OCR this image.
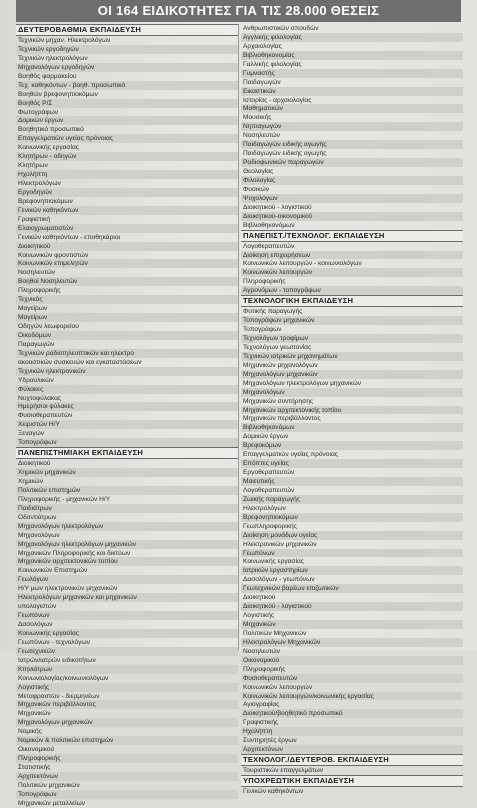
ΟΙ 164 ΕΙΔΙΚΟΤΗΤΕΣ ΓΙΑ ΤΙΣ 28.000 ΘΕΣΕΙΣ
ΔΕΥΤΕΡΟΒΑΘΜΙΑ ΕΚΠΑΙΔΕΥΣΗ
Τεχνικών μηχαν. Ηλεκτρολόγων
Τεχνικών εργοδηγών
Τεχνικών ηλεκτρολόγων
Μηχανολόγων εργοδηγών
Βοηθός φαρμακείου
Τεχ. καθηκόντων - βοηθ. προσωπικό
Βοηθών βρεφονηπιοκόμων
Βοηθός Ρ/Σ
Φωτογράφων
Δομικών έργων
Βοηθητικό προσωπικό
Επαγγελματιών υγείας πρόνοιας
Κοινωνικής εργασίας
Κλητήρων - οδηγών
Κλητήρων
Ηχολήπτη
Ηλεκτρολόγων
Εργοδηγών
Βρεφονηπιοκόμων
Γενικών καθηκόντων
Γραφιστική
Ελαιοχρωματιστών
Γενικών καθηκόντων - εποθηκάριοι
Διοικητικού
Κοινωνικών φροντιστών
Κοινωνικών επιμελητών
Νοσηλευτών
Βοηθοί Νοσηλευτών
Πληροφορικής
Τεχνικός
Μαγείρων
Μαγείρων
Οδηγών λεωφορείου
Οικοδόμων
Παραγωγών
Τεχνικών ραδιοτηλεοπτικών και ηλεκτρο
ακουστικών συσκευών και εγκαταστάσεων
Τεχνικών ηλεκτρονικών
Υδραυλικών
Φύλακες
Νυχτοφύλακας
Ημερήσιοι φύλακες
Φυσιοθεραπευτών
Χειριστών Η/Υ
Ξεναγών
Τοπογράφων
ΠΑΝΕΠΙΣΤΗΜΙΑΚΗ ΕΚΠΑΙΔΕΥΣΗ
Διοικητικού
Χημικών μηχανικών
Χημικών
Πολιτικών επιστημών
Πληροφορικής - μηχανικών Η/Υ
Παιδιάτρων
Οδοντιάτρων
Μηχανολόγων ηλεκτρολόγων
Μηχανολόγων
Μηχανολόγων ηλεκτρολόγων μηχανικών
Μηχανικών Πληροφορικής και δικτύων
Μηχανικών αρχιτεκτονικών τοπίου
Κοινωνικών Επιστημών
Γεωλόγων
Η/Υ μων ηλεκτρονικών μηχανικών
Ηλεκτρολόγων μηχανικών και μηχανικών
υπολογιστών
Γεωπόνων
Δασολόγων
Κοινωνικής εργασίας
Γεωπόνων - τεχνολόγων
Γεωτεχνικών
Ιατρών/ιατρών ειδικοτήτων
Κτηνιάτρων
Κοινωνιολογίας/κοινωνιολόγων
Λογιστικής
Μεταφραστών - διερμηνέων
Μηχανικών περιβάλλοντος
Μηχανικών
Μηχανολόγων μηχανικών
Νομικής
Νομικών & πολιτικών επιστημών
Οικονομικού
Πληροφορικής
Στατιστικής
Αρχιτεκτόνων
Πολιτικών μηχανικών
Τοπογράφων
Μηχανικών μεταλλείων
Ανθρωπιστικών σπουδών
Αγγλικής φιλολογίας
Αρχαιολογίας
Βιβλιοθηκονομίας
Γαλλικής φιλολογίας
Γυμναστής
Παιδαγωγών
Εικαστικών
Ιστορίας - αρχαιολογίας
Μαθηματικών
Μουσικής
Νηπιαγωγών
Νοσηλευτών
Παιδαγωγών ειδικής αγωγής
Παιδαγωγών ειδικής αγωγής
Ραδιοφωνικών παραγωγών
Θεολογίας
Φιλολογίας
Φυσικών
Ψυχολόγων
Διοικητικού - λογιστικού
Διοικητικού-οικονομικού
Βιβλιοθηκονόμων
ΠΑΝΕΠΙΣΤ./ΤΕΧΝΟΛΟΓ. ΕΚΠΑΙΔΕΥΣΗ
Λογοθεραπευτών
Διοίκηση επιχειρήσεων
Κοινωνικών λειτουργών - κοινωνιολόγων
Κοινωνικών λειτουργών
Πληροφορικής
Αγρονόμων - τοπογράφων
ΤΕΧΝΟΛΟΓΙΚΗ ΕΚΠΑΙΔΕΥΣΗ
Φυτικής παραγωγής
Τοπογράφων μηχανικών
Τοπογράφων
Τεχνολόγων τροφίμων
Τεχνολόγων γεωπονίας
Τεχνικών ιατρικών μηχανημάτων
Μηχανικών μηχανολόγων
Μηχανολόγων μηχανικών
Μηχανολόγων ηλεκτρολόγων μηχανικών
Μηχανολόγων
Μηχανικών συντήρησης
Μηχανικών αρχιτεκτονικής τοπίου
Μηχανικών περιβάλλοντος
Βιβλιοθηκονόμων
Δομικών έργων
Βρεφοκόμων
Επαγγελματιών υγείας πρόνοιας
Επόπτες υγείας
Εργοθεραπευτών
Μαιευτικής
Λογοθεραπευτών
Ζωικής παραγωγής
Ηλεκτρολόγων
Βρεφονηπιοκόμων
Γεωπληροφορικής
Διοίκηση μονάδων υγείας
Ηλεκτρονικών μηχανικών
Γεωπόνων
Κοινωνικής εργασίας
Ιατρικών εργαστηρίων
Δασολόγων - γεωπόνων
Γεωτεχνικών βαρέων επιζωτικών
Διοικητικού
Διοικητικού - λογιστικού
Λογιστικής
Μηχανικών
Πολιτικών Μηχανικών
Ηλεκτρολόγων Μηχανικών
Νοσηλευτών
Οικονομικού
Πληροφορικής
Φυσιοθεραπευτών
Κοινωνικών λειτουργών
Κοινωνικών λειτουργών/κοινωνικής εργασίας
Αγιογραφίας
Διοικητικού/βοηθητικό προσωπικό
Γραφιστικής
Ηχολήπτη
Συντηρητές έργων
Αρχιτεκτόνων
ΤΕΧΝΟΛΟΓ./ΔΕΥΤΕΡΟΒ. ΕΚΠΑΙΔΕΥΣΗ
Τουριστικών επαγγελμάτων
ΥΠΟΧΡΕΩΤΙΚΗ ΕΚΠΑΙΔΕΥΣΗ
Γενικών καθηκόντων
